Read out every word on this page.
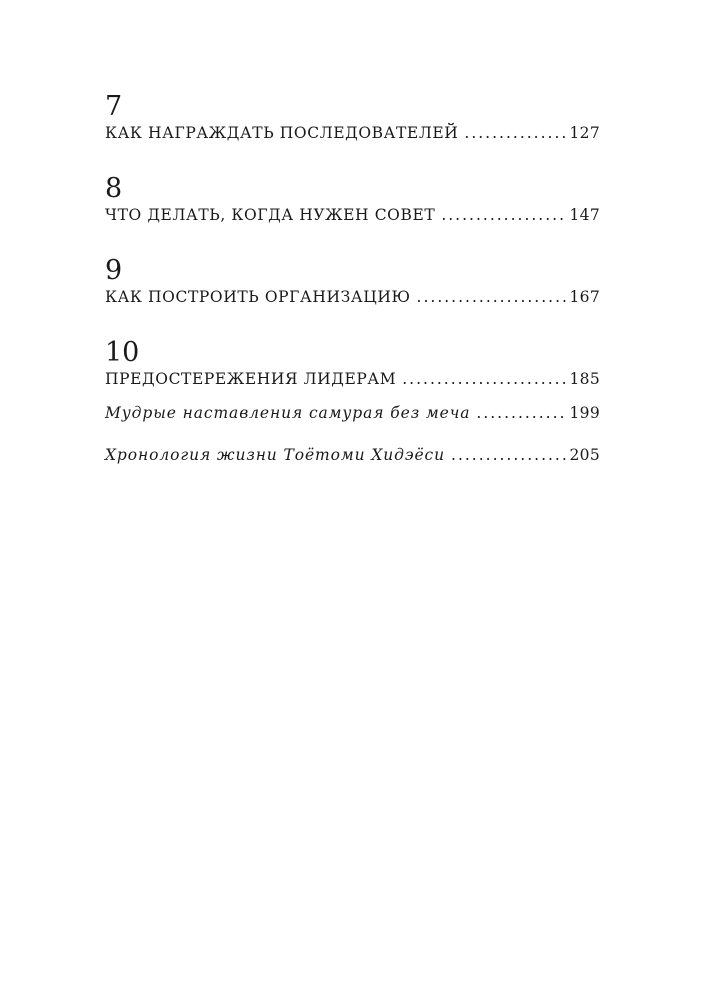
7
КАК НАГРАЖДАТЬ ПОСЛЕДОВАТЕЛЕЙ .....	127
8
ЧТО ДЕЛАТЬ, КОГДА НУЖЕН СОВЕТ .....	147
9
КАК ПОСТРОИТЬ ОРГАНИЗАЦИЮ .....	167
10
ПРЕДОСТЕРЕЖЕНИЯ ЛИДЕРАМ .....	185
Мудрые наставления самурая без меча .....	199
Хронология жизни Тоётоми Хидэёси .....	205
